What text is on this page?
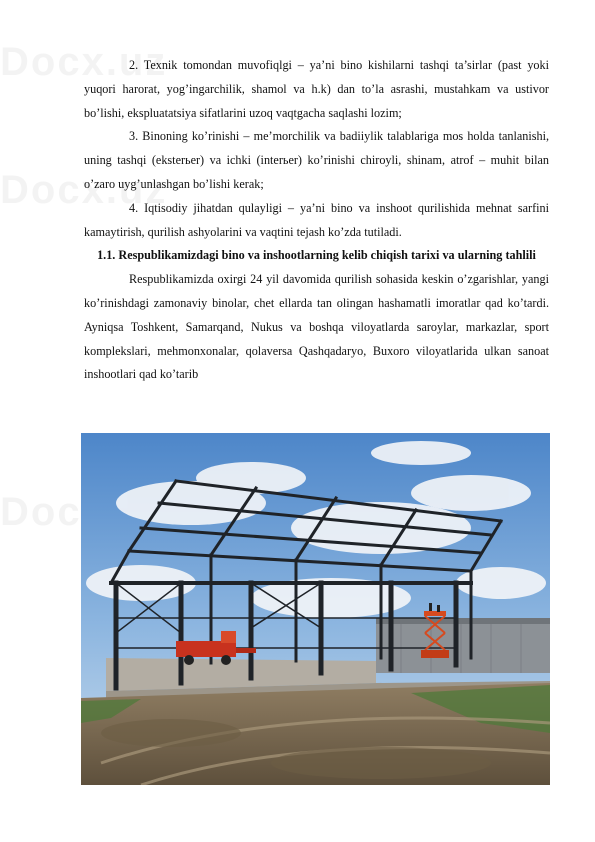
2. Texnik tomondan muvofiqlgi – ya’ni bino kishilarni tashqi ta’sirlar (past yoki yuqori harorat, yog’ingarchilik, shamol va h.k) dan to’la asrashi, mustahkam va ustivor bo’lishi, ekspluatatsiya sifatlarini uzoq vaqtgacha saqlashi lozim;

3. Binoning ko’rinishi – me’morchilik va badiiylik talablariga mos holda tanlanishi, uning tashqi (eksterьer) va ichki (interьer) ko’rinishi chiroyli, shinam, atrof – muhit bilan o’zaro uyg’unlashgan bo’lishi kerak;

4. Iqtisodiy jihatdan qulayligi – ya’ni bino va inshoot qurilishida mehnat sarfini kamaytirish, qurilish ashyolarini va vaqtini tejash ko’zda tutiladi.

1.1. Respublikamizdagi bino va inshootlarning kelib chiqish tarixi va ularning tahlili

Respublikamizda oxirgi 24 yil davomida qurilish sohasida keskin o’zgarishlar, yangi ko’rinishdagi zamonaviy binolar, chet ellarda tan olingan hashamatli imoratlar qad ko’tardi. Ayniqsa Toshkent, Samarqand, Nukus va boshqa viloyatlarda saroylar, markazlar, sport komplekslari, mehmonxonalar, qolaversa Qashqadaryo, Buxoro viloyatlarida ulkan sanoat inshootlari qad ko’tarib
